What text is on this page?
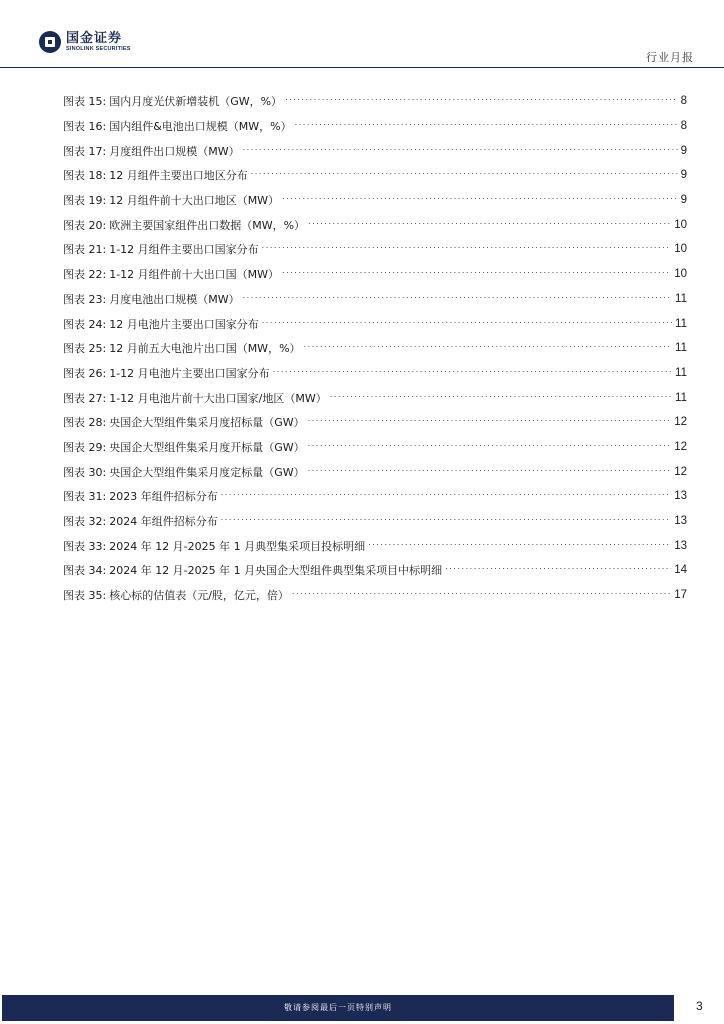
国金证券
SINOLINK SECURITIES
行业月报
图表 15: 国内月度光伏新增装机（GW，%） . . .	8
图表 16: 国内组件&电池出口规模（MW，%） . . .	8
图表 17: 月度组件出口规模（MW） . . .	9
图表 18: 12 月组件主要出口地区分布 . . .	9
图表 19: 12 月组件前十大出口地区（MW） . . .	9
图表 20: 欧洲主要国家组件出口数据（MW，%） . . .	10
图表 21: 1-12 月组件主要出口国家分布 . . .	10
图表 22: 1-12 月组件前十大出口国（MW） . . .	10
图表 23: 月度电池出口规模（MW） . . .	11
图表 24: 12 月电池片主要出口国家分布 . . .	11
图表 25: 12 月前五大电池片出口国（MW，%） . . .	11
图表 26: 1-12 月电池片主要出口国家分布 . . .	11
图表 27: 1-12 月电池片前十大出口国家/地区（MW） . . .	11
图表 28: 央国企大型组件集采月度招标量（GW） . . .	12
图表 29: 央国企大型组件集采月度开标量（GW） . . .	12
图表 30: 央国企大型组件集采月度定标量（GW） . . .	12
图表 31: 2023 年组件招标分布 . . .	13
图表 32: 2024 年组件招标分布 . . .	13
图表 33: 2024 年 12 月-2025 年 1 月典型集采项目投标明细 . . .	13
图表 34: 2024 年 12 月-2025 年 1 月央国企大型组件典型集采项目中标明细 . . .	14
图表 35: 核心标的估值表（元/股，亿元，倍） . . .	17
敬请参阅最后一页特别声明	3
